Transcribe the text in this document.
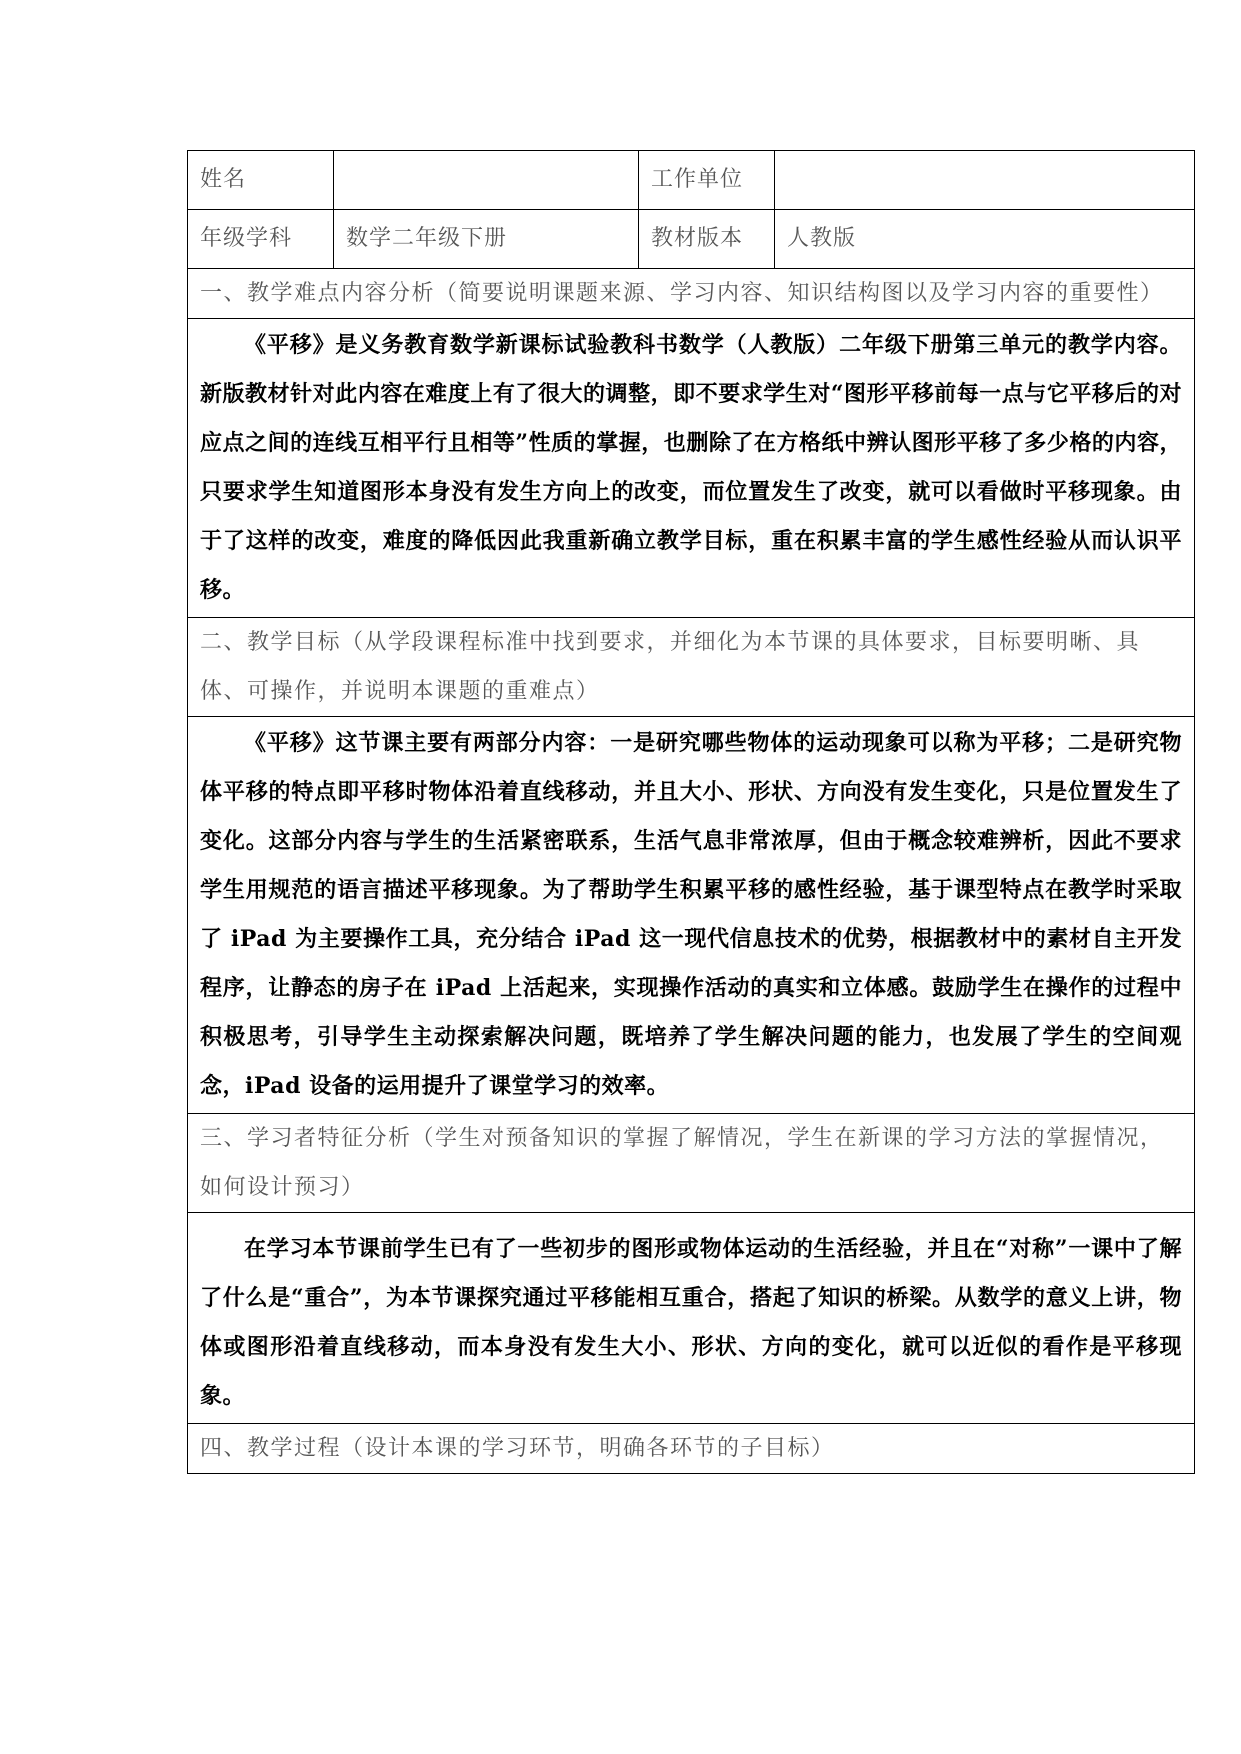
姓名		工作单位	
年级学科	数学二年级下册	教材版本	人教版
一、教学难点内容分析（简要说明课题来源、学习内容、知识结构图以及学习内容的重要性）			

《平移》是义务教育数学新课标试验教科书数学（人教版）二年级下册第三单元的教学内容。新版教材针对此内容在难度上有了很大的调整，即不要求学生对“图形平移前每一点与它平移后的对应点之间的连线互相平行且相等”性质的掌握，也删除了在方格纸中辨认图形平移了多少格的内容，只要求学生知道图形本身没有发生方向上的改变，而位置发生了改变，就可以看做时平移现象。由于了这样的改变，难度的降低因此我重新确立教学目标，重在积累丰富的学生感性经验从而认识平移。			

二、教学目标（从学段课程标准中找到要求，并细化为本节课的具体要求，目标要明晰、具体、可操作，并说明本课题的重难点）			

《平移》这节课主要有两部分内容：一是研究哪些物体的运动现象可以称为平移；二是研究物体平移的特点即平移时物体沿着直线移动，并且大小、形状、方向没有发生变化，只是位置发生了变化。这部分内容与学生的生活紧密联系，生活气息非常浓厚，但由于概念较难辨析，因此不要求学生用规范的语言描述平移现象。为了帮助学生积累平移的感性经验，基于课型特点在教学时采取了 iPad 为主要操作工具，充分结合 iPad 这一现代信息技术的优势，根据教材中的素材自主开发程序，让静态的房子在 iPad 上活起来，实现操作活动的真实和立体感。鼓励学生在操作的过程中积极思考，引导学生主动探索解决问题，既培养了学生解决问题的能力，也发展了学生的空间观念，iPad 设备的运用提升了课堂学习的效率。			

三、学习者特征分析（学生对预备知识的掌握了解情况，学生在新课的学习方法的掌握情况，如何设计预习）			

在学习本节课前学生已有了一些初步的图形或物体运动的生活经验，并且在“对称”一课中了解了什么是“重合”，为本节课探究通过平移能相互重合，搭起了知识的桥梁。从数学的意义上讲，物体或图形沿着直线移动，而本身没有发生大小、形状、方向的变化，就可以近似的看作是平移现象。			

四、教学过程（设计本课的学习环节，明确各环节的子目标）			
